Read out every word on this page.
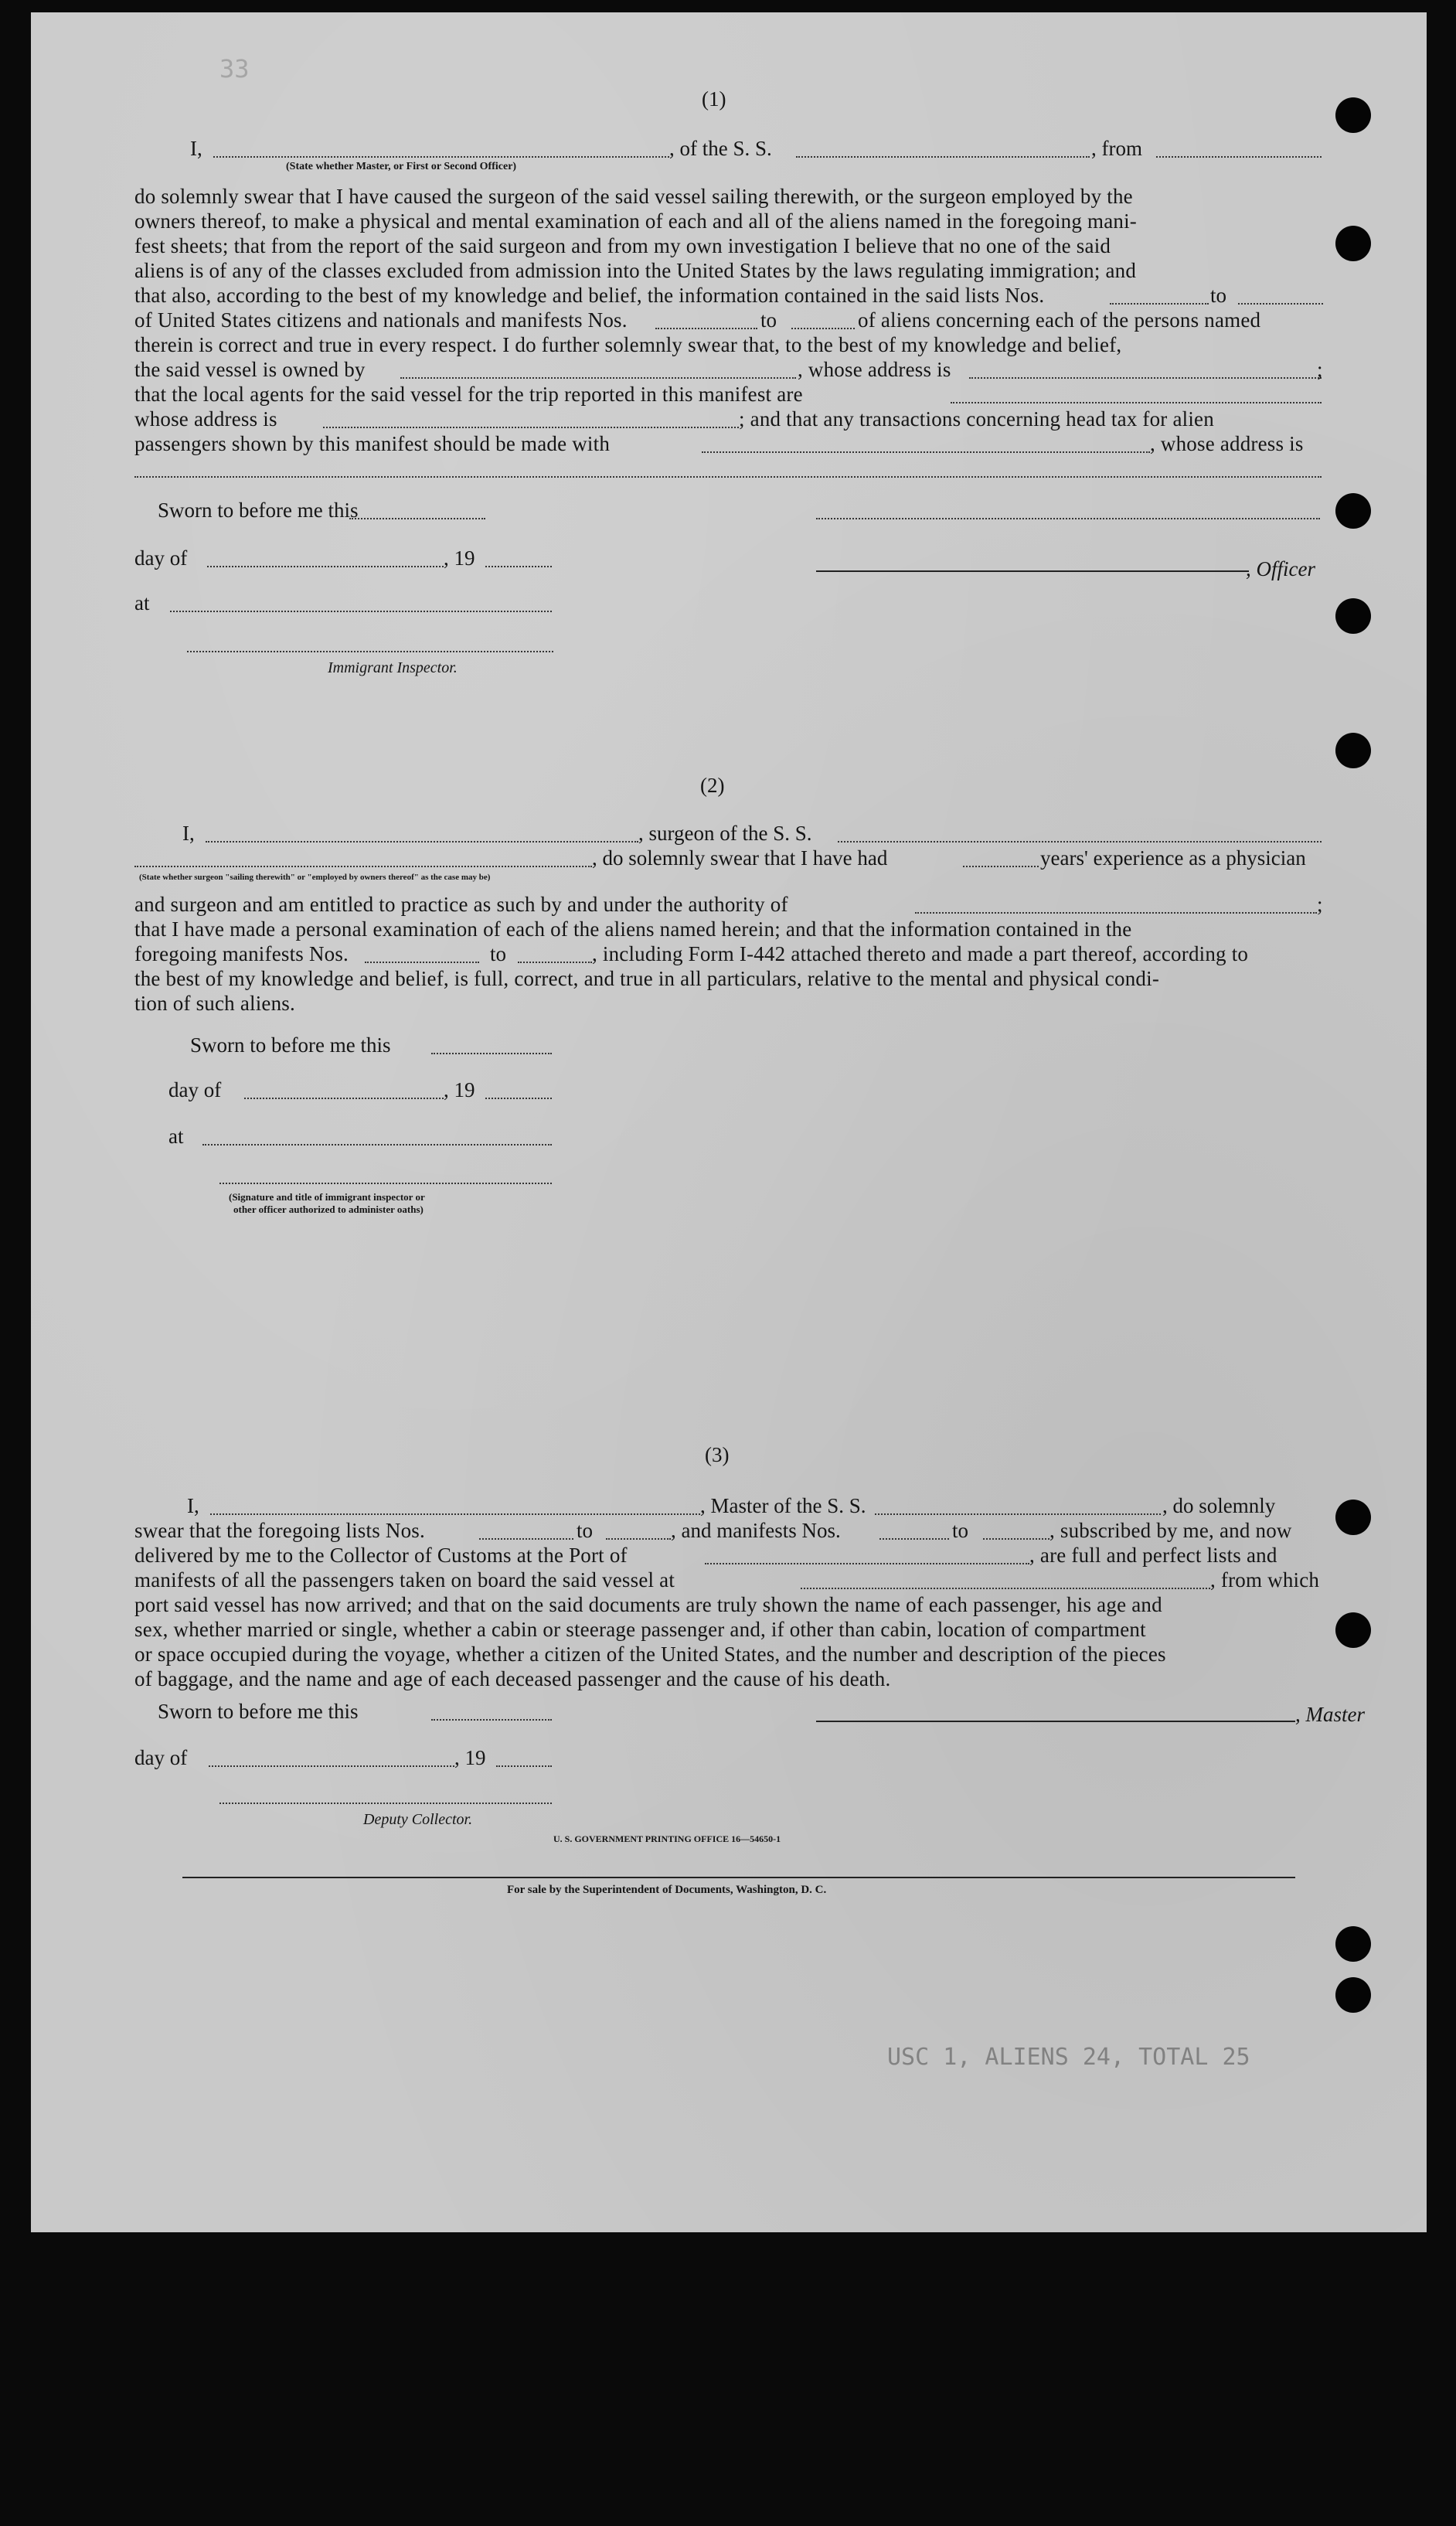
33
USC 1, ALIENS 24, TOTAL 25
(1)
I,	, of the S. S.	, from
(State whether Master, or First or Second Officer)
do solemnly swear that I have caused the surgeon of the said vessel sailing therewith, or the surgeon employed by the
owners thereof, to make a physical and mental examination of each and all of the aliens named in the foregoing mani-
fest sheets; that from the report of the said surgeon and from my own investigation I believe that no one of the said
aliens is of any of the classes excluded from admission into the United States by the laws regulating immigration; and
that also, according to the best of my knowledge and belief, the information contained in the said lists Nos.	to
of United States citizens and nationals and manifests Nos.	to	of aliens concerning each of the persons named
therein is correct and true in every respect. I do further solemnly swear that, to the best of my knowledge and belief,
the said vessel is owned by	, whose address is	;
that the local agents for the said vessel for the trip reported in this manifest are
whose address is	; and that any transactions concerning head tax for alien
passengers shown by this manifest should be made with	, whose address is
Sworn to before me this
day of	, 19	, Officer
at
Immigrant Inspector.
(2)
I,	, surgeon of the S. S.
, do solemnly swear that I have had	years' experience as a physician
(State whether surgeon "sailing therewith" or "employed by owners thereof" as the case may be)
and surgeon and am entitled to practice as such by and under the authority of	;
that I have made a personal examination of each of the aliens named herein; and that the information contained in the
foregoing manifests Nos.	to	, including Form I-442 attached thereto and made a part thereof, according to
the best of my knowledge and belief, is full, correct, and true in all particulars, relative to the mental and physical condi-
tion of such aliens.
Sworn to before me this
day of	, 19
at
(Signature and title of immigrant inspector or
other officer authorized to administer oaths)
(3)
I,	, Master of the S. S.	, do solemnly
swear that the foregoing lists Nos.	to	, and manifests Nos.	to	, subscribed by me, and now
delivered by me to the Collector of Customs at the Port of	, are full and perfect lists and
manifests of all the passengers taken on board the said vessel at	, from which
port said vessel has now arrived; and that on the said documents are truly shown the name of each passenger, his age and
sex, whether married or single, whether a cabin or steerage passenger and, if other than cabin, location of compartment
or space occupied during the voyage, whether a citizen of the United States, and the number and description of the pieces
of baggage, and the name and age of each deceased passenger and the cause of his death.
Sworn to before me this	, Master
day of	, 19
Deputy Collector.
U. S. GOVERNMENT PRINTING OFFICE 16—54650-1
For sale by the Superintendent of Documents, Washington, D. C.
